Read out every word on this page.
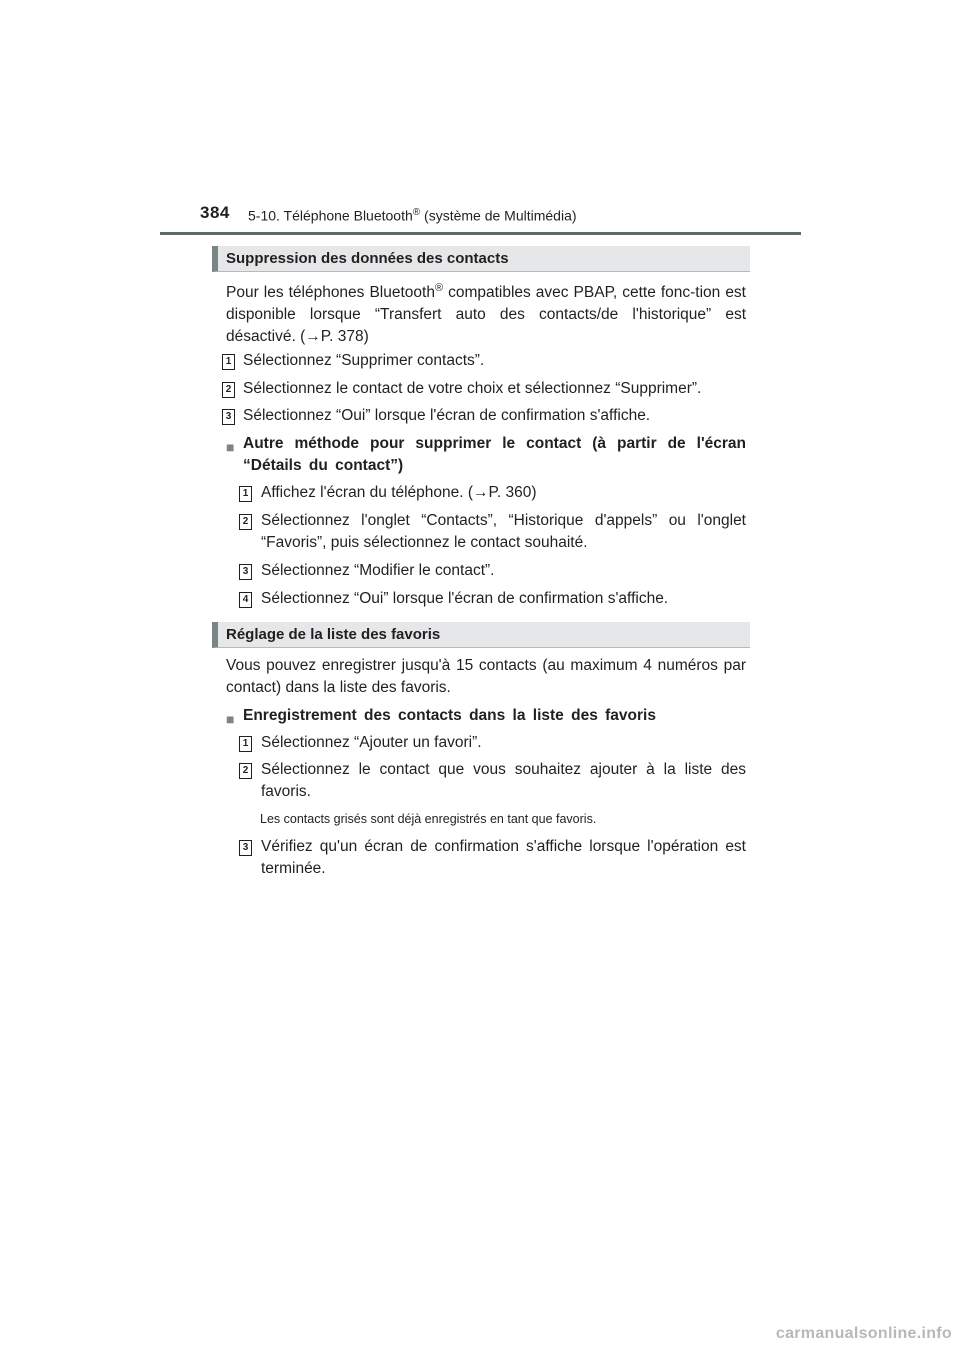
384 5-10. Téléphone Bluetooth® (système de Multimédia)
Suppression des données des contacts
Pour les téléphones Bluetooth® compatibles avec PBAP, cette fonc-tion est disponible lorsque “Transfert auto des contacts/de l'historique” est désactivé. (→P. 378)
1 Sélectionnez “Supprimer contacts”.
2 Sélectionnez le contact de votre choix et sélectionnez “Supprimer”.
3 Sélectionnez “Oui” lorsque l'écran de confirmation s'affiche.
■ Autre méthode pour supprimer le contact (à partir de l'écran “Détails du contact”)
1 Affichez l'écran du téléphone. (→P. 360)
2 Sélectionnez l'onglet “Contacts”, “Historique d'appels” ou l'onglet “Favoris”, puis sélectionnez le contact souhaité.
3 Sélectionnez “Modifier le contact”.
4 Sélectionnez “Oui” lorsque l'écran de confirmation s'affiche.
Réglage de la liste des favoris
Vous pouvez enregistrer jusqu'à 15 contacts (au maximum 4 numéros par contact) dans la liste des favoris.
■ Enregistrement des contacts dans la liste des favoris
1 Sélectionnez “Ajouter un favori”.
2 Sélectionnez le contact que vous souhaitez ajouter à la liste des favoris.
Les contacts grisés sont déjà enregistrés en tant que favoris.
3 Vérifiez qu'un écran de confirmation s'affiche lorsque l'opération est terminée.
carmanualsonline.info
